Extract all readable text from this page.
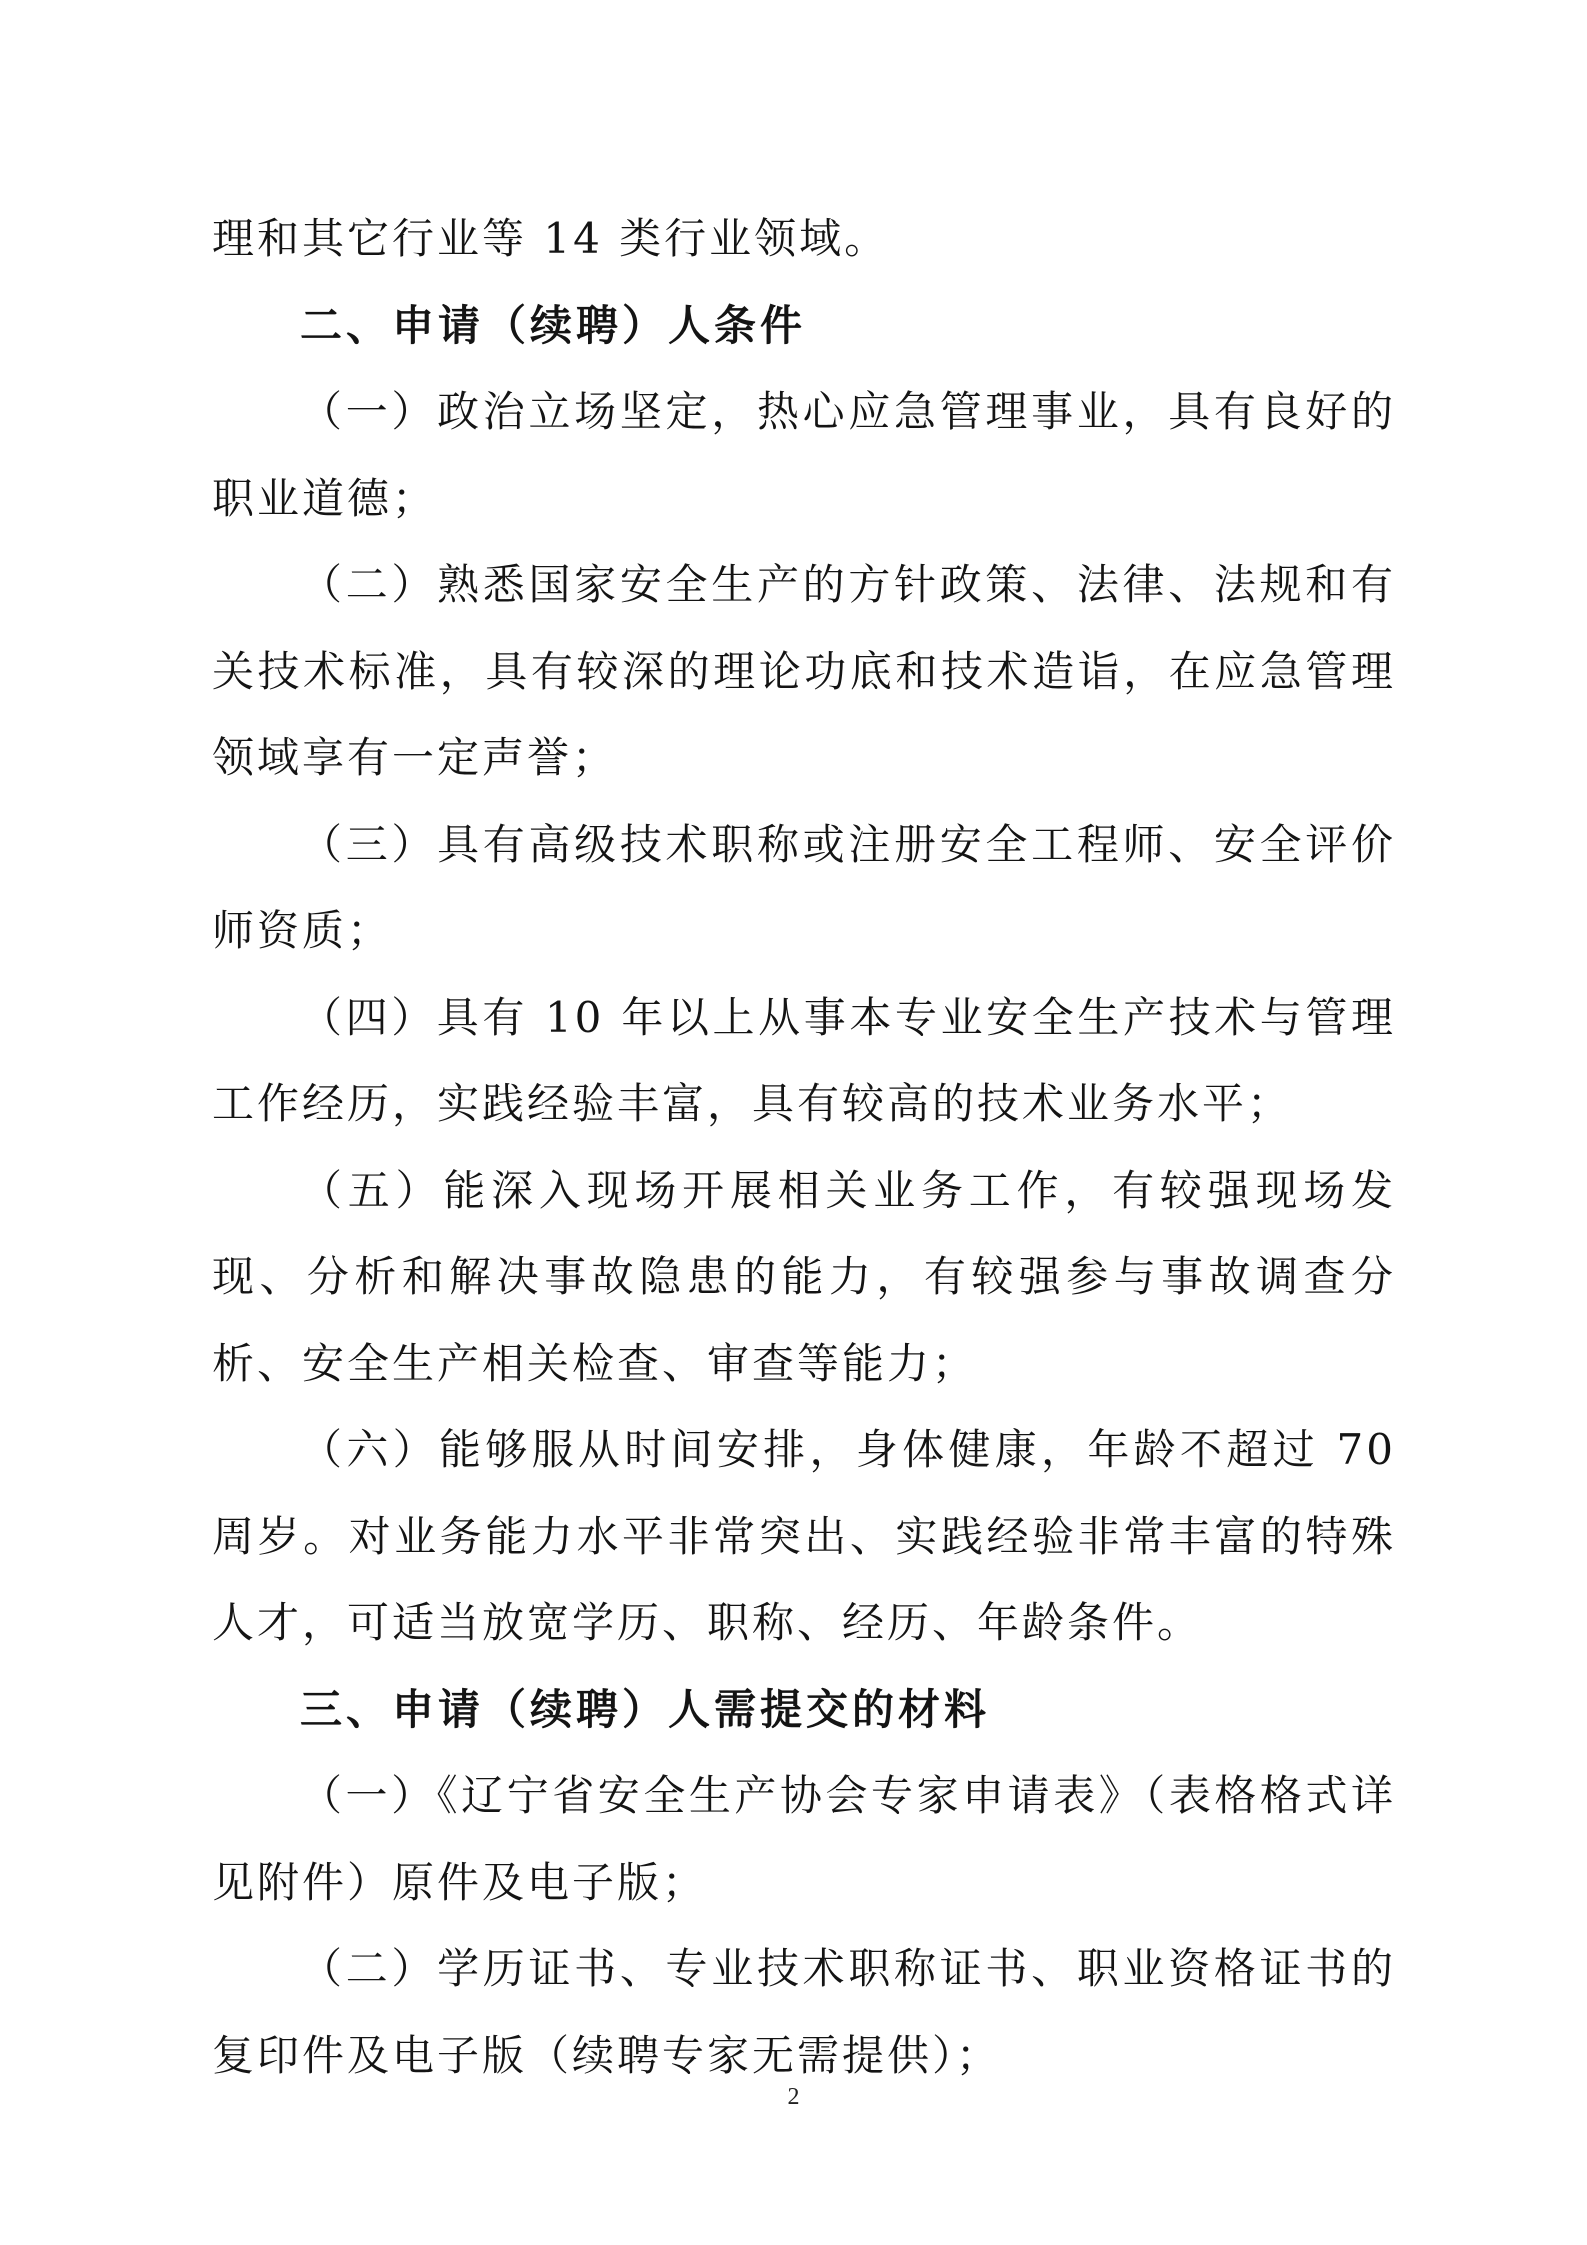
理和其它行业等 14 类行业领域。

二、申请（续聘）人条件

（一）政治立场坚定，热心应急管理事业，具有良好的职业道德；

（二）熟悉国家安全生产的方针政策、法律、法规和有关技术标准，具有较深的理论功底和技术造诣，在应急管理领域享有一定声誉；

（三）具有高级技术职称或注册安全工程师、安全评价师资质；

（四）具有 10 年以上从事本专业安全生产技术与管理工作经历，实践经验丰富，具有较高的技术业务水平；

（五）能深入现场开展相关业务工作，有较强现场发现、分析和解决事故隐患的能力，有较强参与事故调查分析、安全生产相关检查、审查等能力；

（六）能够服从时间安排，身体健康，年龄不超过 70 周岁。对业务能力水平非常突出、实践经验非常丰富的特殊人才，可适当放宽学历、职称、经历、年龄条件。

三、申请（续聘）人需提交的材料

（一）《辽宁省安全生产协会专家申请表》（表格格式详见附件）原件及电子版；

（二）学历证书、专业技术职称证书、职业资格证书的复印件及电子版（续聘专家无需提供）；

2
